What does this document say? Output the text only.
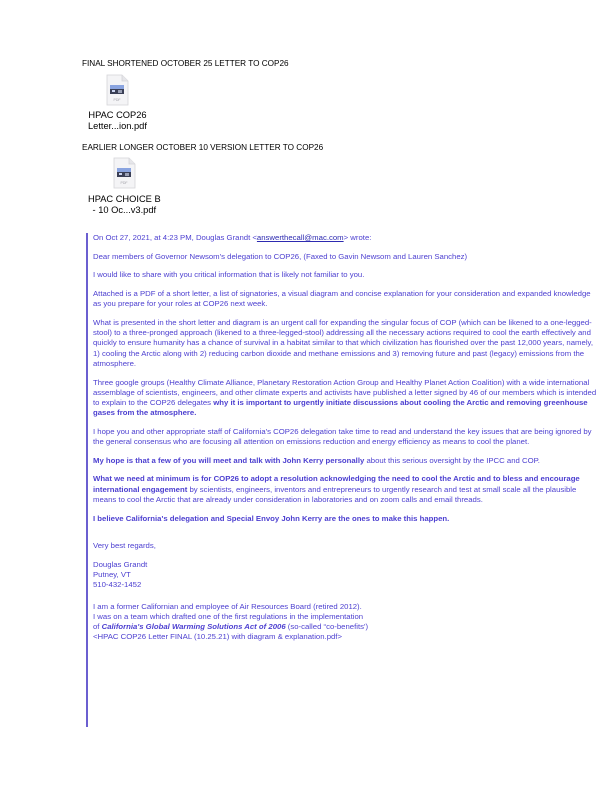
FINAL SHORTENED OCTOBER 25 LETTER TO COP26
PDF
HPAC COP26
Letter...ion.pdf
EARLIER LONGER OCTOBER 10 VERSION LETTER TO COP26
PDF
HPAC CHOICE B
- 10 Oc...v3.pdf

On Oct 27, 2021, at 4:23 PM, Douglas Grandt <answerthecall@mac.com> wrote:

Dear members of Governor Newsom's delegation to COP26, (Faxed to Gavin Newsom and Lauren Sanchez)

I would like to share with you critical information that is likely not familiar to you.

Attached is a PDF of a short letter, a list of signatories, a visual diagram and concise explanation for your consideration and expanded knowledge as you prepare for your roles at COP26 next week.

What is presented in the short letter and diagram is an urgent call for expanding the singular focus of COP (which can be likened to a one-legged-stool) to a three-pronged approach (likened to a three-legged-stool) addressing all the necessary actions required to cool the earth effectively and quickly to ensure humanity has a chance of survival in a habitat similar to that which civilization has flourished over the past 12,000 years, namely, 1) cooling the Arctic along with 2) reducing carbon dioxide and methane emissions and 3) removing future and past (legacy) emissions from the atmosphere.

Three google groups (Healthy Climate Alliance, Planetary Restoration Action Group and Healthy Planet Action Coalition) with a wide international assemblage of scientists, engineers, and other climate experts and activists have published a letter signed by 46 of our members which is intended to explain to the COP26 delegates why it is important to urgently initiate discussions about cooling the Arctic and removing greenhouse gases from the atmosphere.

I hope you and other appropriate staff of California's COP26 delegation take time to read and understand the key issues that are being ignored by the general consensus who are focusing all attention on emissions reduction and energy efficiency as means to cool the planet.

My hope is that a few of you will meet and talk with John Kerry personally about this serious oversight by the IPCC and COP.

What we need at minimum is for COP26 to adopt a resolution acknowledging the need to cool the Arctic and to bless and encourage international engagement by scientists, engineers, inventors and entrepreneurs to urgently research and test at small scale all the plausible means to cool the Arctic that are already under consideration in laboratories and on zoom calls and email threads.

I believe California's delegation and Special Envoy John Kerry are the ones to make this happen.

Very best regards,

Douglas Grandt

Putney, VT

510-432-1452

I am a former Californian and employee of Air Resources Board (retired 2012).

I was on a team which drafted one of the first regulations in the implementation

of California's Global Warming Solutions Act of 2006 (so-called “co-benefits')

<HPAC COP26 Letter FINAL (10.25.21) with diagram & explanation.pdf>
